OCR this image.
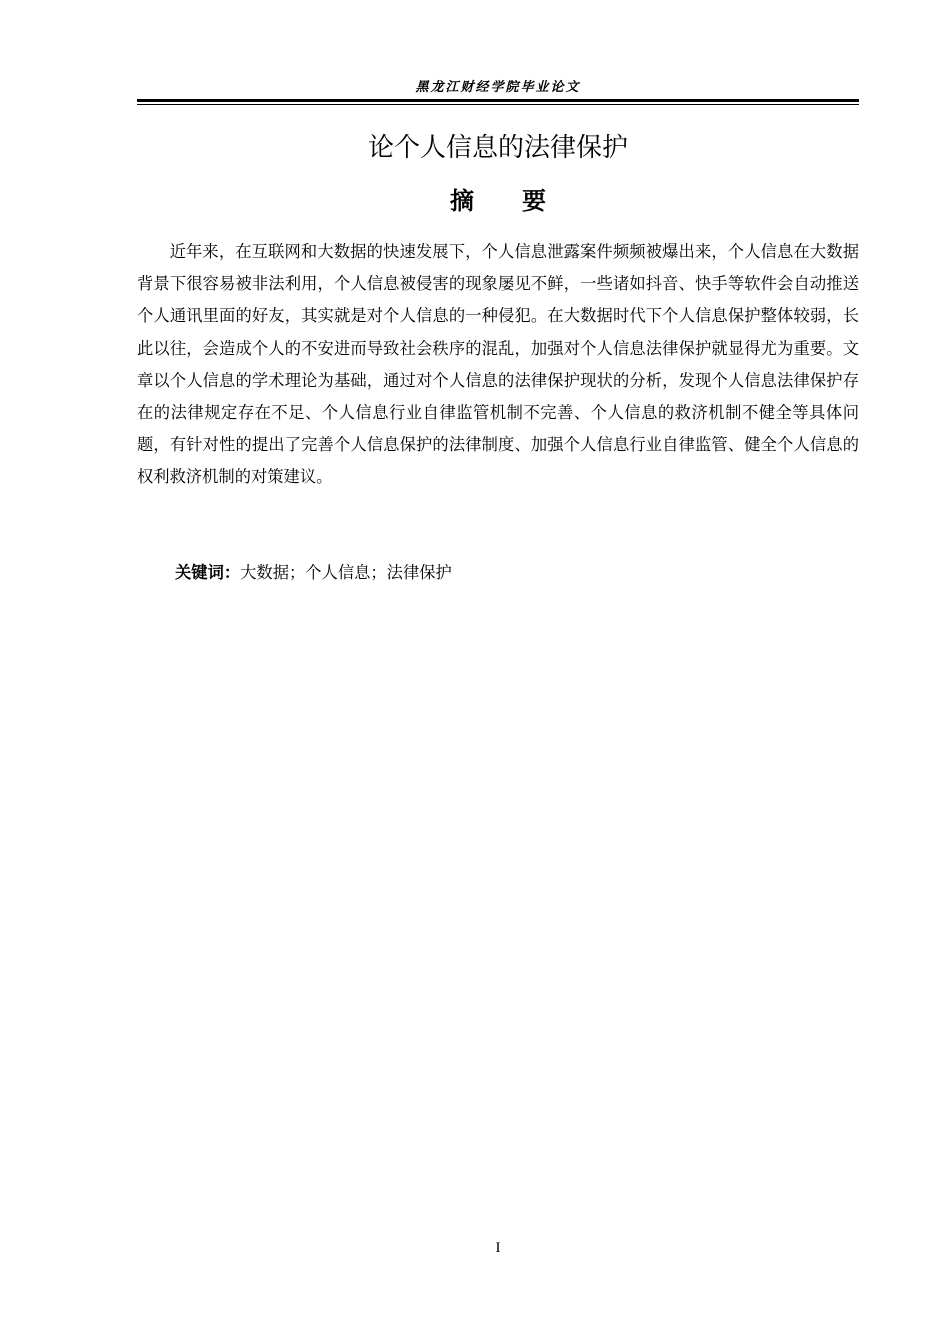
黑龙江财经学院毕业论文
论个人信息的法律保护
摘 要

近年来，在互联网和大数据的快速发展下，个人信息泄露案件频频被爆出来，个人信息在大数据背景下很容易被非法利用，个人信息被侵害的现象屡见不鲜，一些诸如抖音、快手等软件会自动推送个人通讯里面的好友，其实就是对个人信息的一种侵犯。在大数据时代下个人信息保护整体较弱，长此以往，会造成个人的不安进而导致社会秩序的混乱，加强对个人信息法律保护就显得尤为重要。文章以个人信息的学术理论为基础，通过对个人信息的法律保护现状的分析，发现个人信息法律保护存在的法律规定存在不足、个人信息行业自律监管机制不完善、个人信息的救济机制不健全等具体问题，有针对性的提出了完善个人信息保护的法律制度、加强个人信息行业自律监管、健全个人信息的权利救济机制的对策建议。

关键词：大数据；个人信息；法律保护
I
